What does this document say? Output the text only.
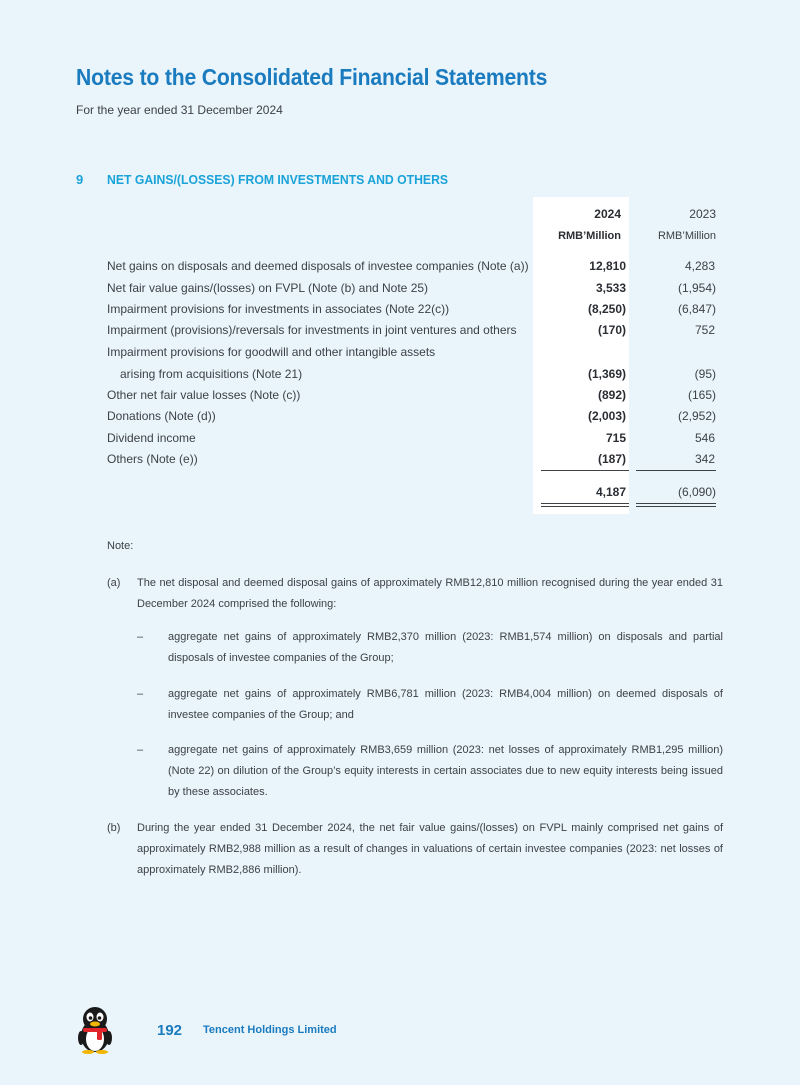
Notes to the Consolidated Financial Statements
For the year ended 31 December 2024
9 NET GAINS/(LOSSES) FROM INVESTMENTS AND OTHERS
2024	2023
RMB’Million	RMB’Million
Net gains on disposals and deemed disposals of investee companies (Note (a))	12,810	4,283
Net fair value gains/(losses) on FVPL (Note (b) and Note 25)	3,533	(1,954)
Impairment provisions for investments in associates (Note 22(c))	(8,250)	(6,847)
Impairment (provisions)/reversals for investments in joint ventures and others	(170)	752
Impairment provisions for goodwill and other intangible assets
arising from acquisitions (Note 21)	(1,369)	(95)
Other net fair value losses (Note (c))	(892)	(165)
Donations (Note (d))	(2,003)	(2,952)
Dividend income	715	546
Others (Note (e))	(187)	342
4,187	(6,090)
Note:
(a) The net disposal and deemed disposal gains of approximately RMB12,810 million recognised during the year ended 31 December 2024 comprised the following:
– aggregate net gains of approximately RMB2,370 million (2023: RMB1,574 million) on disposals and partial disposals of investee companies of the Group;
– aggregate net gains of approximately RMB6,781 million (2023: RMB4,004 million) on deemed disposals of investee companies of the Group; and
– aggregate net gains of approximately RMB3,659 million (2023: net losses of approximately RMB1,295 million) (Note 22) on dilution of the Group’s equity interests in certain associates due to new equity interests being issued by these associates.
(b) During the year ended 31 December 2024, the net fair value gains/(losses) on FVPL mainly comprised net gains of approximately RMB2,988 million as a result of changes in valuations of certain investee companies (2023: net losses of approximately RMB2,886 million).
192 Tencent Holdings Limited
